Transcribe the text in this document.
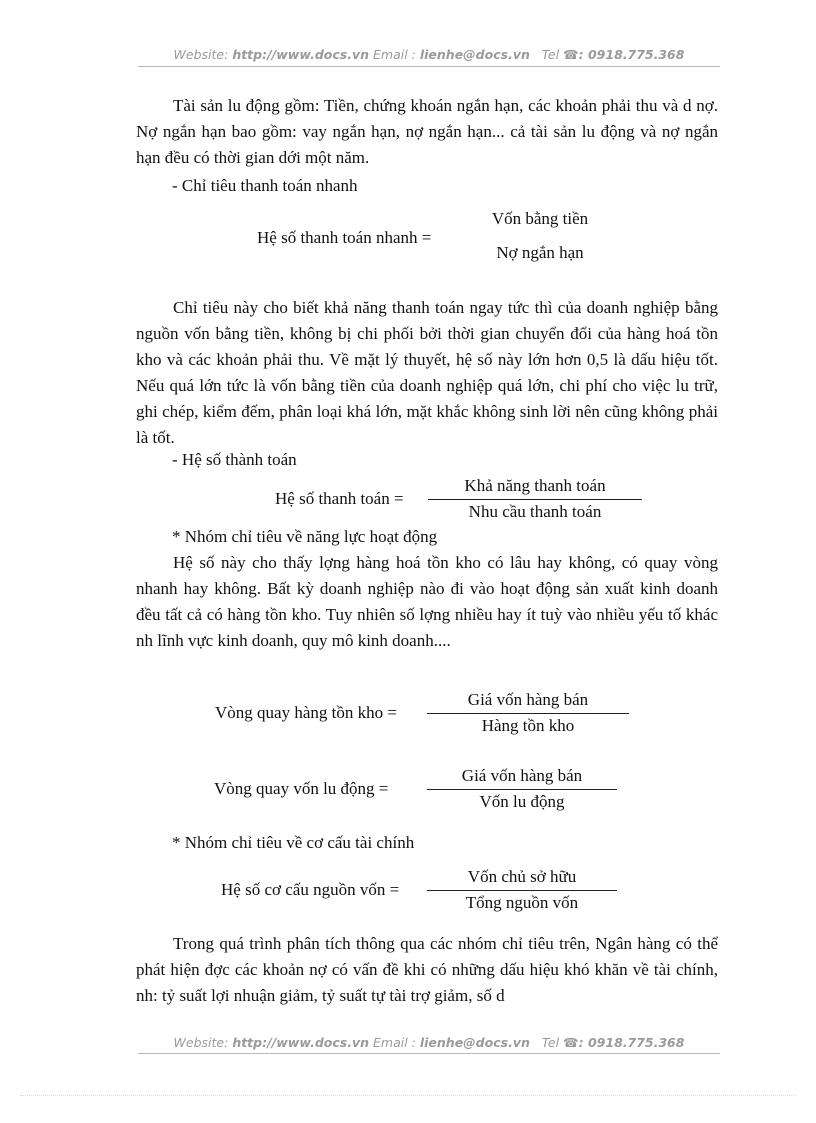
Website: http://www.docs.vn Email : lienhe@docs.vn Tel ☎: 0918.775.368

Tài sản lu động gồm: Tiền, chứng khoán ngắn hạn, các khoản phải thu và d nợ. Nợ ngắn hạn bao gồm: vay ngắn hạn, nợ ngắn hạn... cả tài sản lu động và nợ ngắn hạn đều có thời gian dới một năm.

- Chỉ tiêu thanh toán nhanh

Hệ số thanh toán nhanh =
Vốn bằng tiền
Nợ ngắn hạn

Chỉ tiêu này cho biết khả năng thanh toán ngay tức thì của doanh nghiệp bằng nguồn vốn bằng tiền, không bị chi phối bởi thời gian chuyển đổi của hàng hoá tồn kho và các khoản phải thu. Về mặt lý thuyết, hệ số này lớn hơn 0,5 là dấu hiệu tốt. Nếu quá lớn tức là vốn bằng tiền của doanh nghiệp quá lớn, chi phí cho việc lu trữ, ghi chép, kiểm đếm, phân loại khá lớn, mặt khắc không sinh lời nên cũng không phải là tốt.

- Hệ số thành toán

Hệ số thanh toán =
Khả năng thanh toán
Nhu cầu thanh toán

* Nhóm chỉ tiêu về năng lực hoạt động

Hệ số này cho thấy lợng hàng hoá tồn kho có lâu hay không, có quay vòng nhanh hay không. Bất kỳ doanh nghiệp nào đi vào hoạt động sản xuất kinh doanh đều tất cả có hàng tồn kho. Tuy nhiên số lợng nhiều hay ít tuỳ vào nhiều yếu tố khác nh lĩnh vực kinh doanh, quy mô kinh doanh....

Vòng quay hàng tồn kho =
Giá vốn hàng bán
Hàng tồn kho
Vòng quay vốn lu động =
Giá vốn hàng bán
Vốn lu động

* Nhóm chỉ tiêu về cơ cấu tài chính

Hệ số cơ cấu nguồn vốn =
Vốn chủ sở hữu
Tổng nguồn vốn

Trong quá trình phân tích thông qua các nhóm chỉ tiêu trên, Ngân hàng có thể phát hiện đợc các khoản nợ có vấn đề khi có những dấu hiệu khó khăn về tài chính, nh: tỷ suất lợi nhuận giảm, tỷ suất tự tài trợ giảm, số d

Website: http://www.docs.vn Email : lienhe@docs.vn Tel ☎: 0918.775.368
